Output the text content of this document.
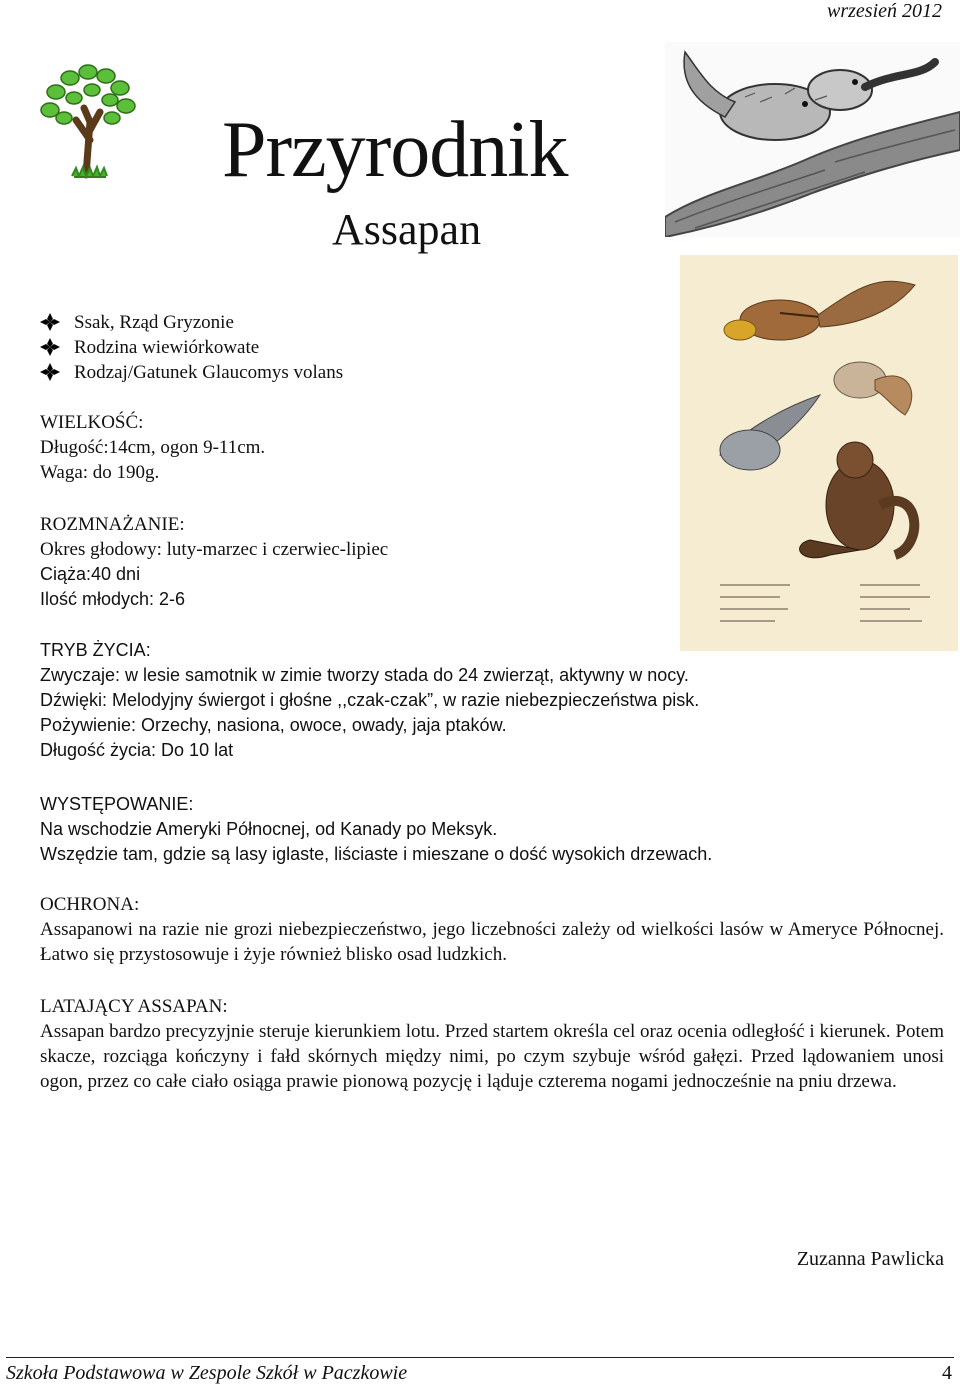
wrzesień 2012
Przyrodnik
Assapan
Ssak, Rząd Gryzonie
Rodzina wiewiórkowate
Rodzaj/Gatunek Glaucomys volans
WIELKOŚĆ:

Długość:14cm, ogon 9-11cm.

Waga: do 190g.

ROZMNAŻANIE:

Okres głodowy: luty-marzec i czerwiec-lipiec

Ciąża:40 dni

Ilość młodych: 2-6

TRYB ŻYCIA:

Zwyczaje: w lesie samotnik w zimie tworzy stada do 24 zwierząt, aktywny w nocy.

Dźwięki: Melodyjny świergot i głośne ,,czak-czak”, w razie niebezpieczeństwa pisk.

Pożywienie: Orzechy, nasiona, owoce, owady, jaja ptaków.

Długość życia: Do 10 lat

WYSTĘPOWANIE:

Na wschodzie Ameryki Północnej, od Kanady po Meksyk.

Wszędzie tam, gdzie są lasy iglaste, liściaste i mieszane o dość wysokich drzewach.

OCHRONA:

Assapanowi na razie nie grozi niebezpieczeństwo, jego liczebności zależy od wielkości lasów w Ameryce Północnej. Łatwo się przystosowuje i żyje również blisko osad ludzkich.

LATAJĄCY ASSAPAN:

Assapan bardzo precyzyjnie steruje kierunkiem lotu. Przed startem określa cel oraz ocenia odległość i kierunek. Potem skacze, rozciąga kończyny i fałd skórnych między nimi, po czym szybuje wśród gałęzi. Przed lądowaniem unosi ogon, przez co całe ciało osiąga prawie pionową pozycję i ląduje czterema nogami jednocześnie na pniu drzewa.

Zuzanna Pawlicka
Szkoła Podstawowa w Zespole Szkół w Paczkowie	4
